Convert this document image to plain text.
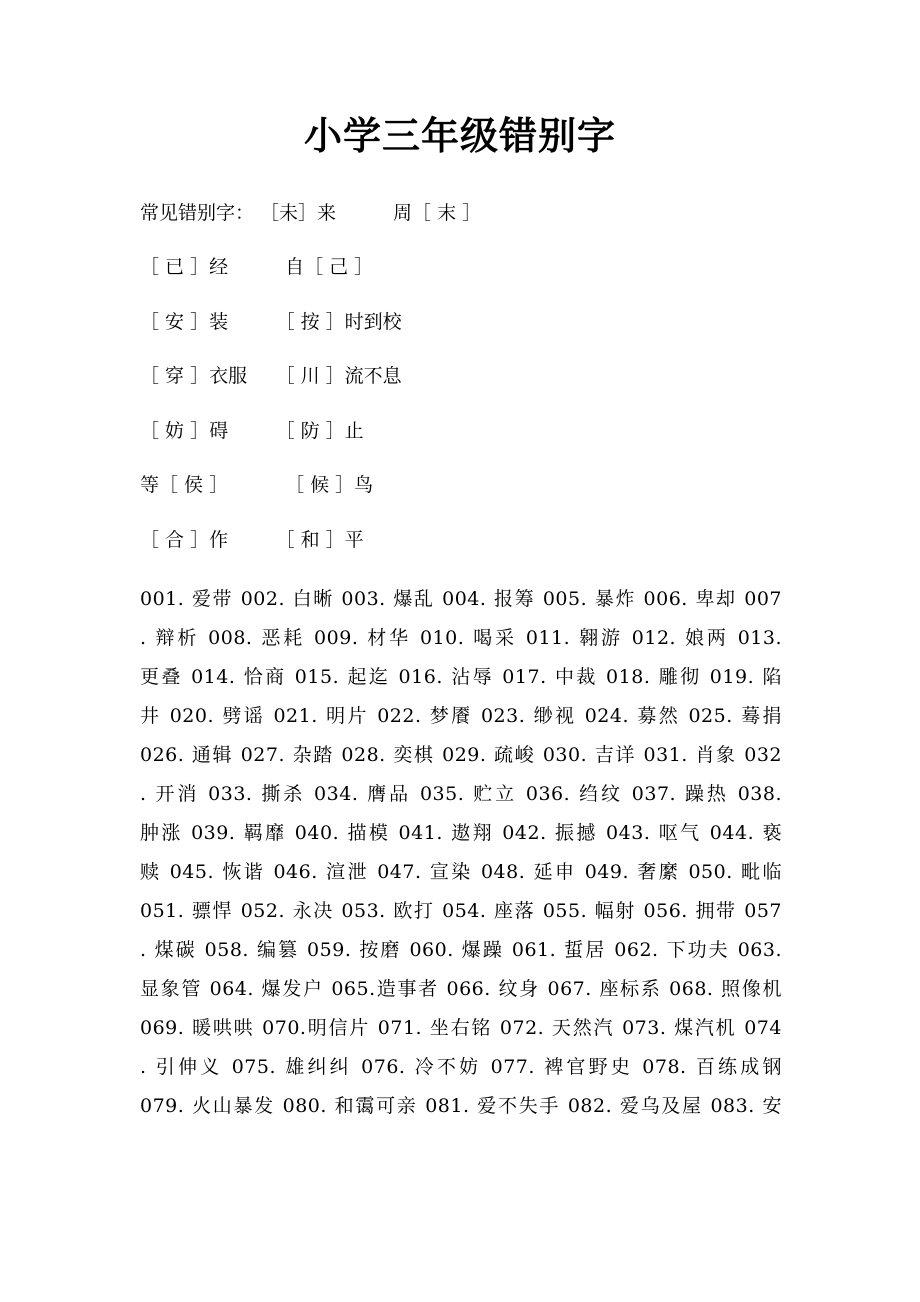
小学三年级错别字
常见错别字： ［未］来　　　周［ 末 ］
［ 已 ］经　　　自［ 己 ］
［ 安 ］装　　　［ 按 ］时到校
［ 穿 ］衣服　　［ 川 ］流不息
［ 妨 ］碍　　　［ 防 ］止
等［ 侯 ］　　　　［ 候 ］鸟
［ 合 ］作　　　［ 和 ］平
001. 爱带 002. 白晰 003. 爆乱 004. 报筹 005. 暴炸 006. 卑却 007
. 辩析 008. 恶耗 009. 材华 010. 喝采 011. 翱游 012. 娘两 013.
更叠 014. 恰商 015. 起迄 016. 沾辱 017. 中裁 018. 雕彻 019. 陷
井 020. 劈谣 021. 明片 022. 梦餍 023. 缈视 024. 募然 025. 蓦捐
026. 通辑 027. 杂踏 028. 奕棋 029. 疏峻 030. 吉详 031. 肖象 032
. 开消 033. 撕杀 034. 膺品 035. 贮立 036. 绉纹 037. 躁热 038.
肿涨 039. 羁靡 040. 描模 041. 遨翔 042. 振撼 043. 呕气 044. 亵
赎 045. 恢谐 046. 渲泄 047. 宣染 048. 延申 049. 奢縻 050. 毗临
051. 骠悍 052. 永决 053. 欧打 054. 座落 055. 幅射 056. 拥带 057
. 煤碳 058. 编篡 059. 按磨 060. 爆躁 061. 蜇居 062. 下功夫 063.
显象管 064. 爆发户 065.造事者 066. 纹身 067. 座标系 068. 照像机
069. 暖哄哄 070.明信片 071. 坐右铭 072. 天然汽 073. 煤汽机 074
. 引伸义 075. 雄纠纠 076. 冷不妨 077. 裨官野史 078. 百练成钢
079. 火山暴发 080. 和霭可亲 081. 爱不失手 082. 爱乌及屋 083. 安
